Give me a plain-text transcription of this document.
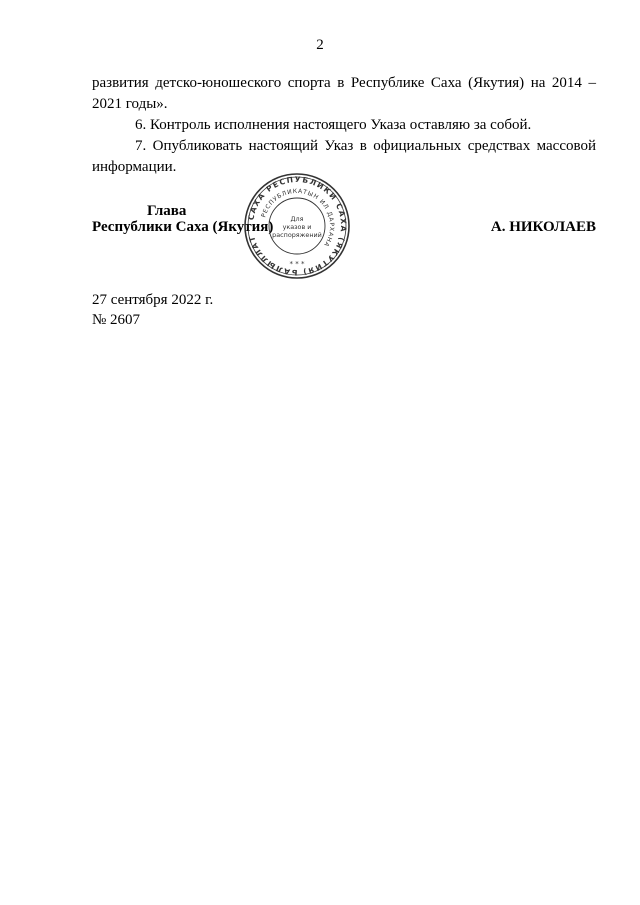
2

развития детско-юношеского спорта в Республике Саха (Якутия) на 2014 – 2021 годы».

6. Контроль исполнения настоящего Указа оставляю за собой.

7. Опубликовать настоящий Указ в официальных средствах массовой информации.

Глава
Республики Саха (Якутия)	А. НИКОЛАЕВ
САХА РЕСПУБЛИКИ САХА (ЯКУТИЯ) ЬАЛЫЛЛАТ
РЕСПУБЛИКАТЫН ИЛ ДАРХАНА
Для
указов и
распоряжений
* * *
27 сентября 2022 г.
№ 2607
